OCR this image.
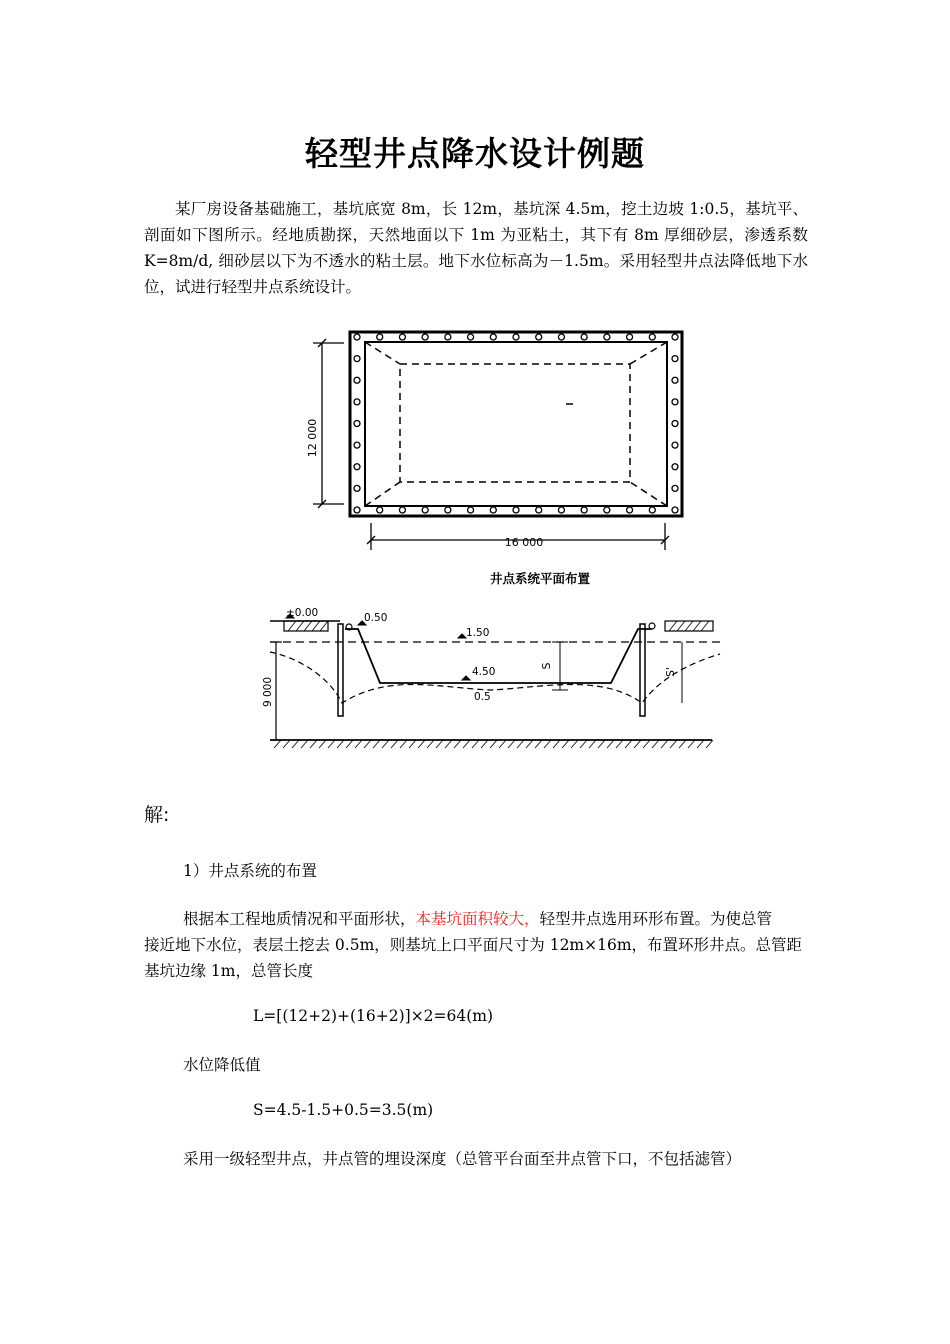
轻型井点降水设计例题
某厂房设备基础施工，基坑底宽 8m，长 12m，基坑深 4.5m，挖土边坡 1:0.5，基坑平、剖面如下图所示。经地质勘探，天然地面以下 1m 为亚粘土，其下有 8m 厚细砂层，渗透系数 K=8m/d, 细砂层以下为不透水的粘土层。地下水位标高为－1.5m。采用轻型井点法降低地下水位，试进行轻型井点系统设计。
12 000
16 000
井点系统平面布置
±0.00	0.50
1.50
4.50
0.5
S
S'
9 000
解:
1）井点系统的布置
根据本工程地质情况和平面形状，本基坑面积较大，轻型井点选用环形布置。为使总管
接近地下水位，表层土挖去 0.5m，则基坑上口平面尺寸为 12m×16m，布置环形井点。总管距
基坑边缘 1m，总管长度
L=[(12+2)+(16+2)]×2=64(m)
水位降低值
S=4.5-1.5+0.5=3.5(m)
采用一级轻型井点，井点管的埋设深度（总管平台面至井点管下口，不包括滤管）
